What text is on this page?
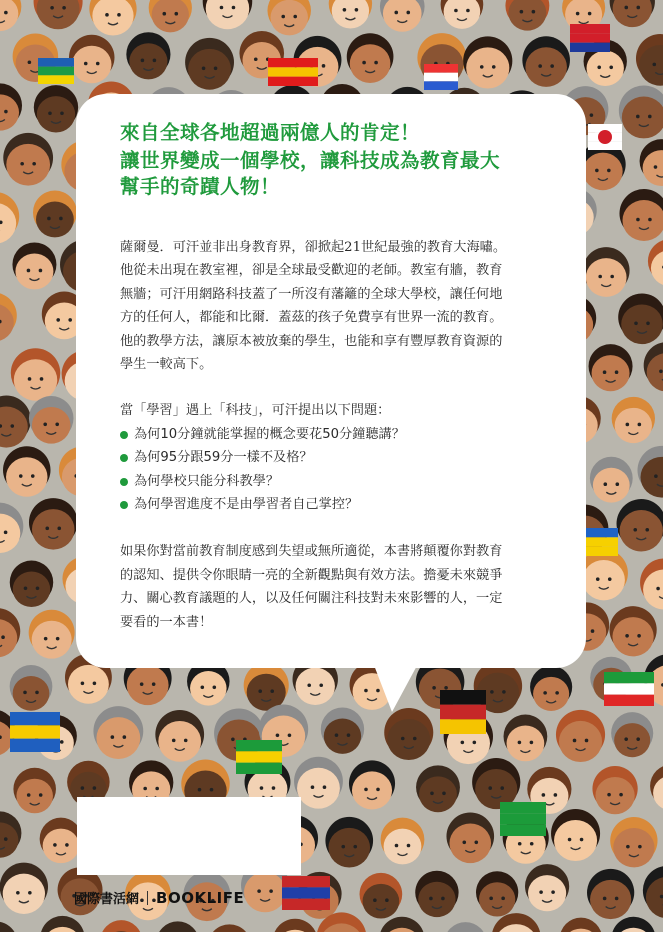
來自全球各地超過兩億人的肯定！

讓世界變成一個學校，讓科技成為教育最大

幫手的奇蹟人物！

薩爾曼．可汗並非出身教育界，卻掀起21世紀最強的教育大海嘯。
他從未出現在教室裡，卻是全球最受歡迎的老師。教室有牆，教育
無牆；可汗用網路科技蓋了一所沒有藩籬的全球大學校，讓任何地
方的任何人，都能和比爾．蓋茲的孩子免費享有世界一流的教育。
他的教學方法，讓原本被放棄的學生，也能和享有豐厚教育資源的
學生一較高下。

當「學習」遇上「科技」，可汗提出以下問題：

為何10分鐘就能掌握的概念要花50分鐘聽講？
為何95分跟59分一樣不及格？
為何學校只能分科教學？
為何學習進度不是由學習者自己掌控？

如果你對當前教育制度感到失望或無所適從，本書將顛覆你對教育
的認知、提供令你眼睛一亮的全新觀點與有效方法。擔憂未來競爭
力、關心教育議題的人，以及任何關注科技對未來影響的人，一定
要看的一本書！

國際書活網 BOOKLIFE
